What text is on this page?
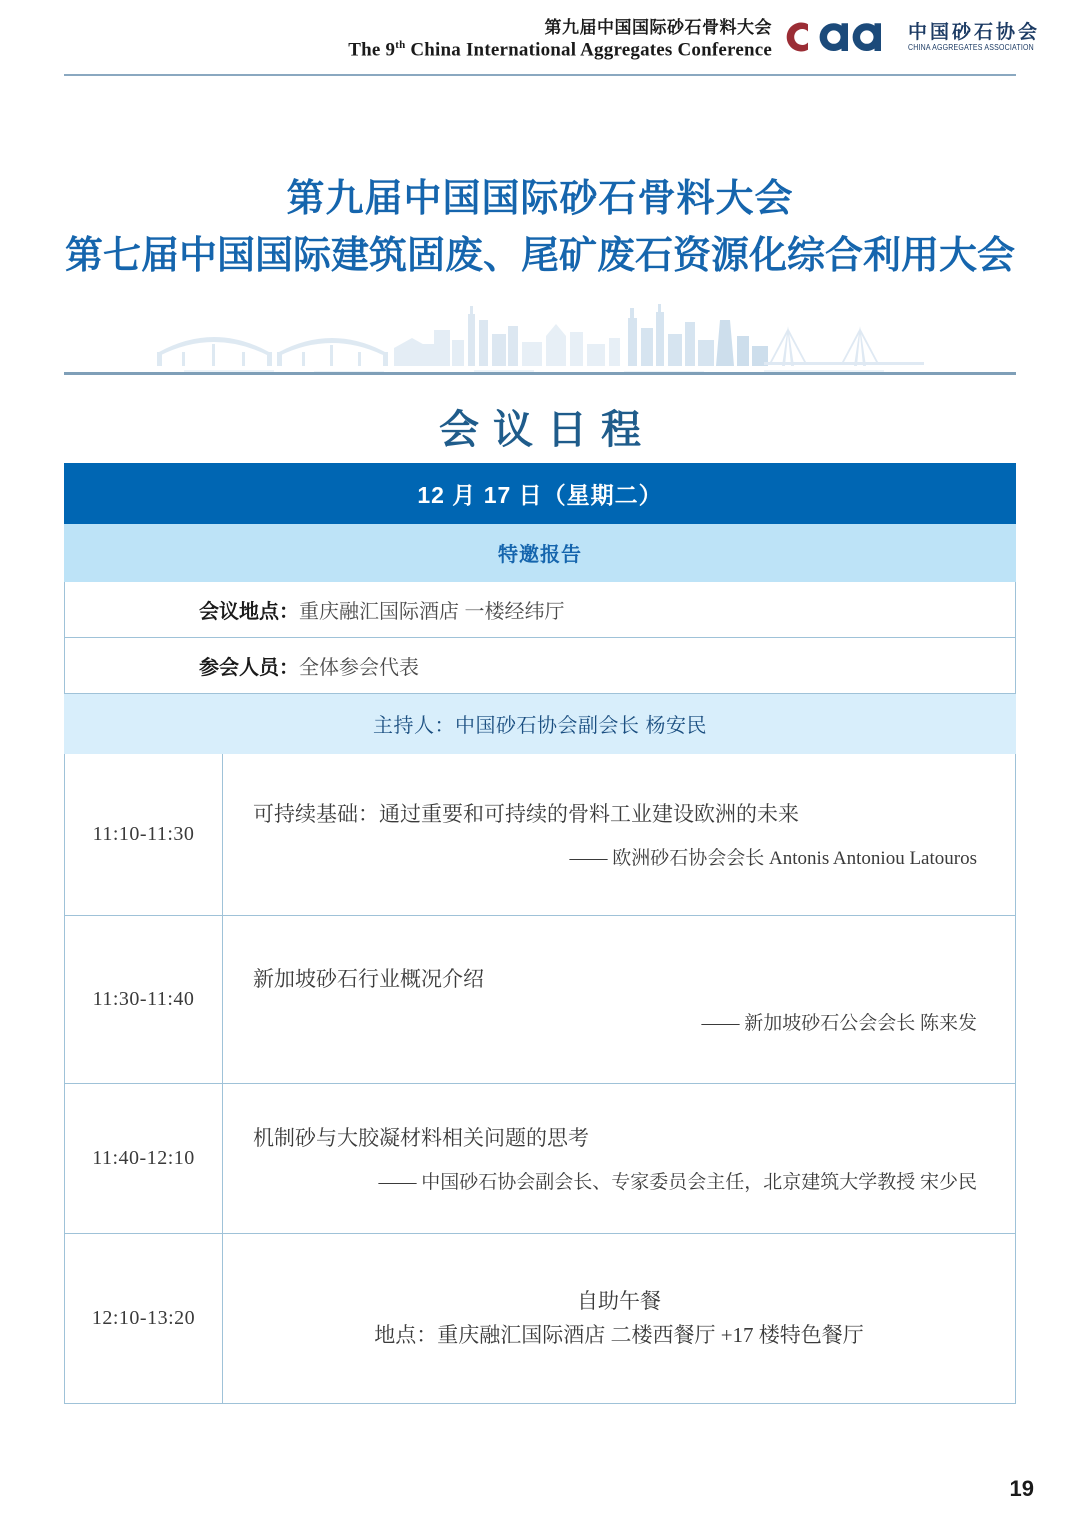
第九届中国国际砂石骨料大会
The 9th China International Aggregates Conference
中国砂石协会
CHINA AGGREGATES ASSOCIATION
第九届中国国际砂石骨料大会
第七届中国国际建筑固废、尾矿废石资源化综合利用大会
会议日程
12 月 17 日（星期二）	
特邀报告	
会议地点：重庆融汇国际酒店 一楼经纬厅	
参会人员：全体参会代表	
主持人：中国砂石协会副会长 杨安民	
11:10-11:30	可持续基础：通过重要和可持续的骨料工业建设欧洲的未来
—— 欧洲砂石协会会长 Antonis Antoniou Latouros

11:30-11:40	新加坡砂石行业概况介绍
—— 新加坡砂石公会会长 陈来发

11:40-12:10	机制砂与大胶凝材料相关问题的思考
—— 中国砂石协会副会长、专家委员会主任，北京建筑大学教授 宋少民

12:10-13:20	自助午餐
地点：重庆融汇国际酒店 二楼西餐厅 +17 楼特色餐厅
19
